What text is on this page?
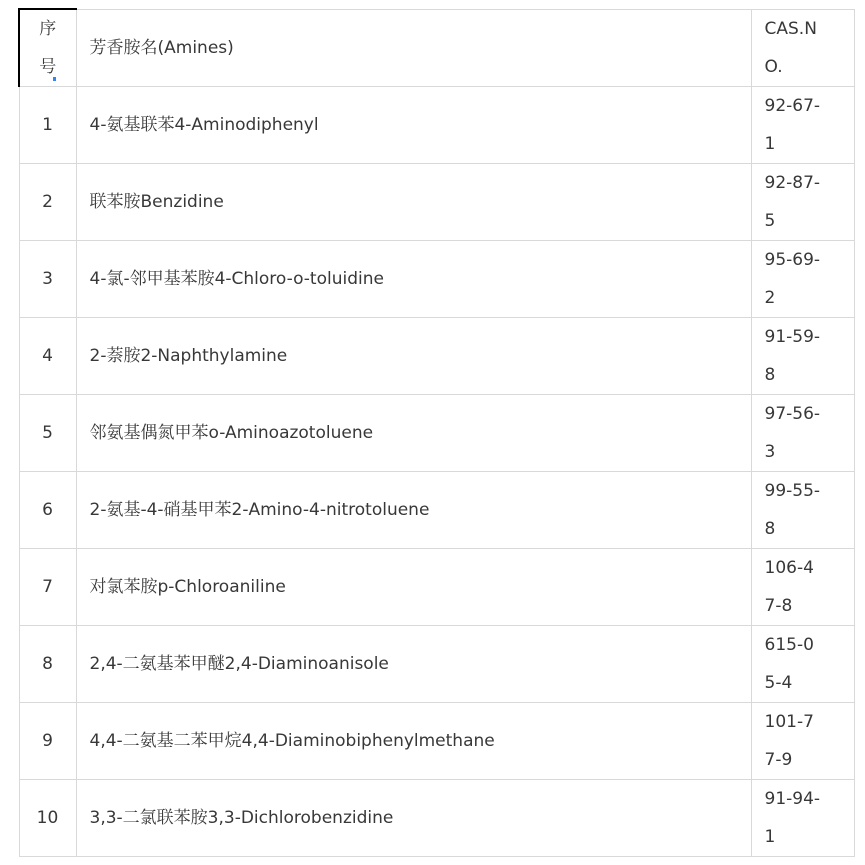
序号	芳香胺名(Amines)	CAS.NO.

1	4-氨基联苯4-Aminodiphenyl	92-67-1

2	联苯胺Benzidine	92-87-5

3	4-氯-邻甲基苯胺4-Chloro-o-toluidine	95-69-2

4	2-萘胺2-Naphthylamine	91-59-8

5	邻氨基偶氮甲苯o-Aminoazotoluene	97-56-3

6	2-氨基-4-硝基甲苯2-Amino-4-nitrotoluene	99-55-8

7	对氯苯胺p-Chloroaniline	106-47-8

8	2,4-二氨基苯甲醚2,4-Diaminoanisole	615-05-4

9	4,4-二氨基二苯甲烷4,4-Diaminobiphenylmethane	101-77-9

10	3,3-二氯联苯胺3,3-Dichlorobenzidine	91-94-1
